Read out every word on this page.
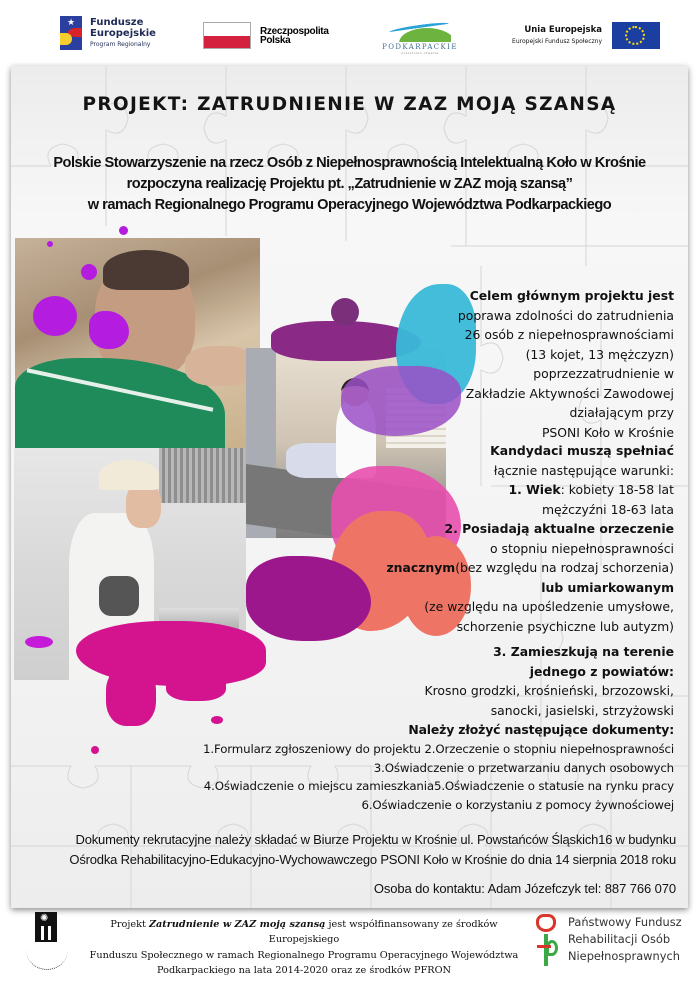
★ Fundusze
Europejskie
Program Regionalny
Rzeczpospolita
Polska
PODKARPACKIE
przestrzeń otwarta
Unia Europejska
Europejski Fundusz Społeczny
PROJEKT: ZATRUDNIENIE W ZAZ MOJĄ SZANSĄ
Polskie Stowarzyszenie na rzecz Osób z Niepełnosprawnością Intelektualną Koło w Krośnie
rozpoczyna realizację Projektu pt. „Zatrudnienie w ZAZ moją szansą”
w ramach Regionalnego Programu Operacyjnego Województwa Podkarpackiego
Celem głównym projektu jest
poprawa zdolności do zatrudnienia
26 osób z niepełnosprawnościami
(13 kojet, 13 mężczyzn)
poprzezzatrudnienie w
Zakładzie Aktywności Zawodowej
działającym przy
PSONI Koło w Krośnie
Kandydaci muszą spełniać
łącznie następujące warunki:
1. Wiek: kobiety 18-58 lat
mężczyźni 18-63 lata
2. Posiadają aktualne orzeczenie
o stopniu niepełnosprawności
znacznym(bez względu na rodzaj schorzenia)
lub umiarkowanym
(ze względu na upośledzenie umysłowe,
schorzenie psychiczne lub autyzm)
3. Zamieszkują na terenie
jednego z powiatów:
Krosno grodzki, krośnieński, brzozowski,
sanocki, jasielski, strzyżowski
Należy złożyć następujące dokumenty:
1.Formularz zgłoszeniowy do projektu 2.Orzeczenie o stopniu niepełnosprawności
3.Oświadczenie o przetwarzaniu danych osobowych
4.Oświadczenie o miejscu zamieszkania5.Oświadczenie o statusie na rynku pracy
6.Oświadczenie o korzystaniu z pomocy żywnościowej
Dokumenty rekrutacyjne należy składać w Biurze Projektu w Krośnie ul. Powstańców Śląskich16 w budynku
Ośrodka Rehabilitacyjno-Edukacyjno-Wychowawczego PSONI Koło w Krośnie do dnia 14 sierpnia 2018 roku
Osoba do kontaktu: Adam Józefczyk tel: 887 766 070
✺
Projekt Zatrudnienie w ZAZ moją szansą jest współfinansowany ze środków Europejskiego
Funduszu Społecznego w ramach Regionalnego Programu Operacyjnego Województwa
Podkarpackiego na lata 2014-2020 oraz ze środków PFRON
Państwowy Fundusz
Rehabilitacji Osób
Niepełnosprawnych
